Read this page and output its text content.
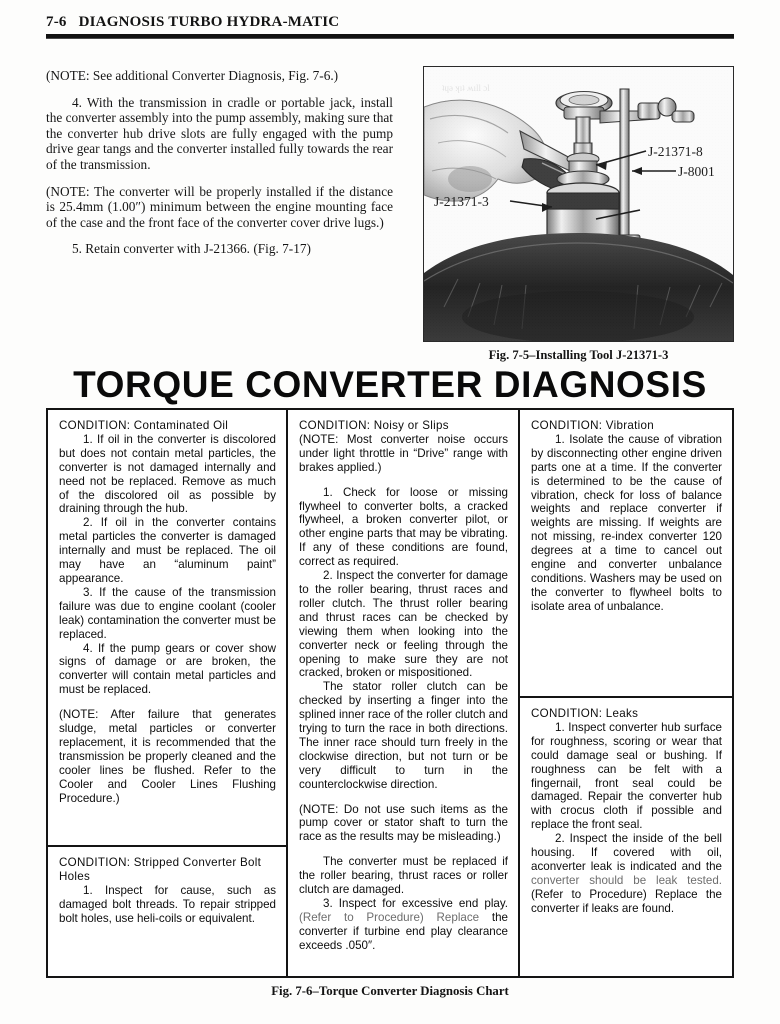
7-6 DIAGNOSIS TURBO HYDRA-MATIC

(NOTE: See additional Converter Diagnosis, Fig. 7-6.)

4. With the transmission in cradle or portable jack, install the converter assembly into the pump assembly, making sure that the converter hub drive slots are fully engaged with the pump drive gear tangs and the converter installed fully towards the rear of the transmission.

(NOTE: The converter will be properly installed if the distance is 25.4mm (1.00″) minimum between the engine mounting face of the case and the front face of the converter cover drive lugs.)

5. Retain converter with J-21366. (Fig. 7-17)

ʇɥǝ ʞıʇ ʍıll ɔl
J-21371-8
J-8001
J-21371-3
Fig. 7-5–Installing Tool J-21371-3
TORQUE CONVERTER DIAGNOSIS

CONDITION: Contaminated Oil

1. If oil in the converter is discolored but does not contain metal particles, the converter is not damaged internally and need not be replaced. Remove as much of the discolored oil as possible by draining through the hub.

2. If oil in the converter contains metal particles the converter is damaged internally and must be replaced. The oil may have an “aluminum paint” appearance.

3. If the cause of the transmission failure was due to engine coolant (cooler leak) contamination the converter must be replaced.

4. If the pump gears or cover show signs of damage or are broken, the converter will contain metal particles and must be replaced.

(NOTE: After failure that generates sludge, metal particles or converter replacement, it is recommended that the transmission be properly cleaned and the cooler lines be flushed. Refer to the Cooler and Cooler Lines Flushing Procedure.)

CONDITION: Stripped Converter Bolt Holes

1. Inspect for cause, such as damaged bolt threads. To repair stripped bolt holes, use heli-coils or equivalent.

CONDITION: Noisy or Slips

(NOTE: Most converter noise occurs under light throttle in “Drive” range with brakes applied.)

1. Check for loose or missing flywheel to converter bolts, a cracked flywheel, a broken converter pilot, or other engine parts that may be vibrating. If any of these conditions are found, correct as required.

2. Inspect the converter for damage to the roller bearing, thrust races and roller clutch. The thrust roller bearing and thrust races can be checked by viewing them when looking into the converter neck or feeling through the opening to make sure they are not cracked, broken or mispositioned.

The stator roller clutch can be checked by inserting a finger into the splined inner race of the roller clutch and trying to turn the race in both directions. The inner race should turn freely in the clockwise direction, but not turn or be very difficult to turn in the counterclockwise direction.

(NOTE: Do not use such items as the pump cover or stator shaft to turn the race as the results may be misleading.)

The converter must be replaced if the roller bearing, thrust races or roller clutch are damaged.

3. Inspect for excessive end play. (Refer to Procedure) Replace the converter if turbine end play clearance exceeds .050″.

CONDITION: Vibration

1. Isolate the cause of vibration by disconnecting other engine driven parts one at a time. If the converter is determined to be the cause of vibration, check for loss of balance weights and replace converter if weights are missing. If weights are not missing, re-index converter 120 degrees at a time to cancel out engine and converter unbalance conditions. Washers may be used on the converter to flywheel bolts to isolate area of unbalance.

CONDITION: Leaks

1. Inspect converter hub surface for roughness, scoring or wear that could damage seal or bushing. If roughness can be felt with a fingernail, front seal could be damaged. Repair the converter hub with crocus cloth if possible and replace the front seal.

2. Inspect the inside of the bell housing. If covered with oil, aconverter leak is indicated and the converter should be leak tested. (Refer to Procedure) Replace the converter if leaks are found.

Fig. 7-6–Torque Converter Diagnosis Chart
